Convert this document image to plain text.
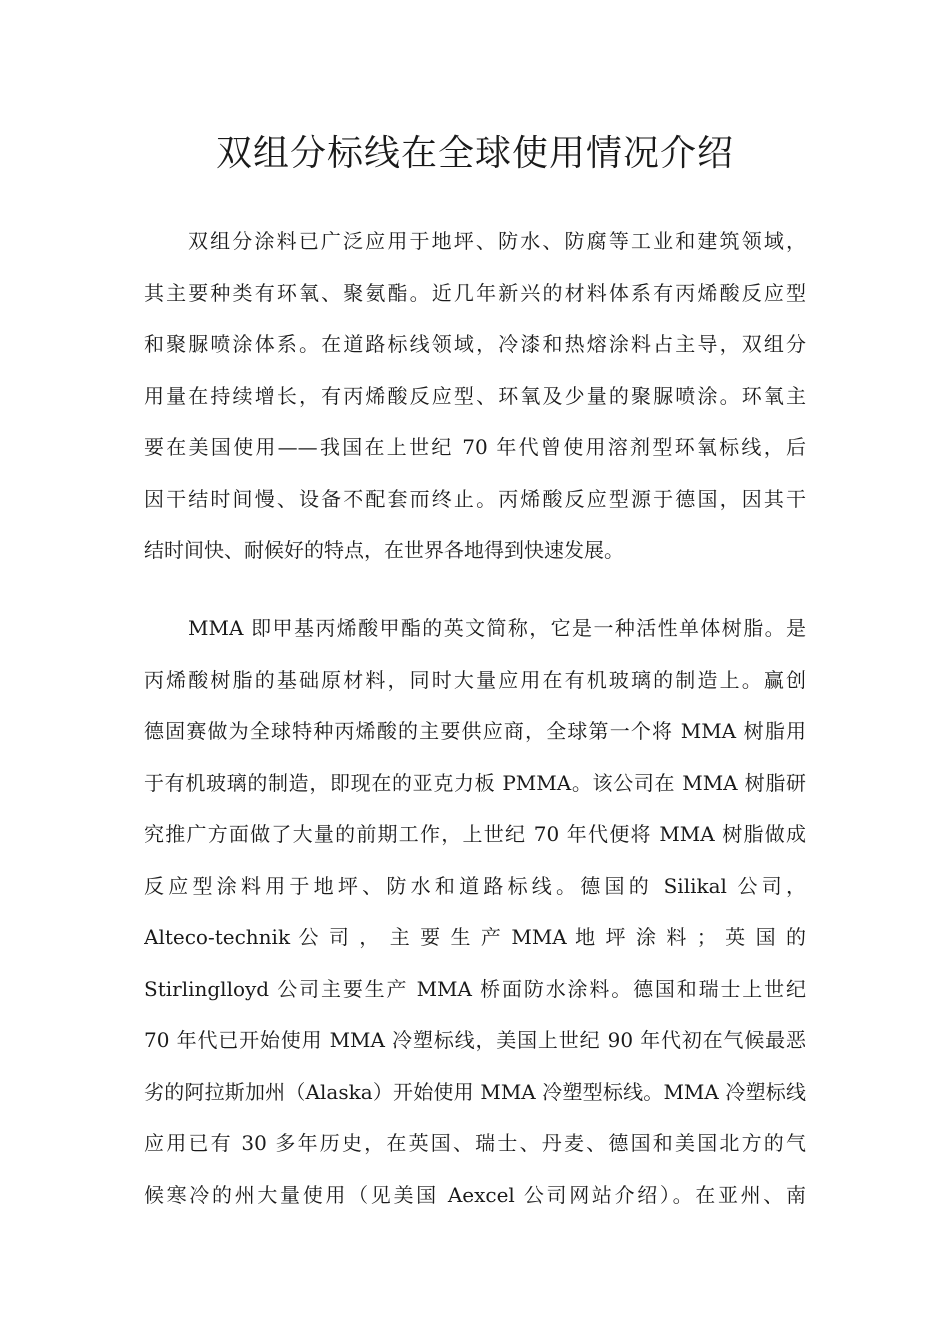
双组分标线在全球使用情况介绍
双组分涂料已广泛应用于地坪、防水、防腐等工业和建筑领域，
其主要种类有环氧、聚氨酯。近几年新兴的材料体系有丙烯酸反应型
和聚脲喷涂体系。在道路标线领域，冷漆和热熔涂料占主导，双组分
用量在持续增长，有丙烯酸反应型、环氧及少量的聚脲喷涂。环氧主
要在美国使用——我国在上世纪 70 年代曾使用溶剂型环氧标线，后
因干结时间慢、设备不配套而终止。丙烯酸反应型源于德国，因其干
结时间快、耐候好的特点，在世界各地得到快速发展。
MMA 即甲基丙烯酸甲酯的英文简称，它是一种活性单体树脂。是
丙烯酸树脂的基础原材料，同时大量应用在有机玻璃的制造上。赢创
德固赛做为全球特种丙烯酸的主要供应商，全球第一个将 MMA 树脂用
于有机玻璃的制造，即现在的亚克力板 PMMA。该公司在 MMA 树脂研
究推广方面做了大量的前期工作，上世纪 70 年代便将 MMA 树脂做成
反应型涂料用于地坪、防水和道路标线。德国的 Silikal 公司，
Alteco-technik 公 司 ， 主 要 生 产 MMA 地 坪 涂 料 ； 英 国 的
Stirlinglloyd 公司主要生产 MMA 桥面防水涂料。德国和瑞士上世纪
70 年代已开始使用 MMA 冷塑标线，美国上世纪 90 年代初在气候最恶
劣的阿拉斯加州（Alaska）开始使用 MMA 冷塑型标线。MMA 冷塑标线
应用已有 30 多年历史，在英国、瑞士、丹麦、德国和美国北方的气
候寒冷的州大量使用（见美国 Aexcel 公司网站介绍）。在亚州、南
